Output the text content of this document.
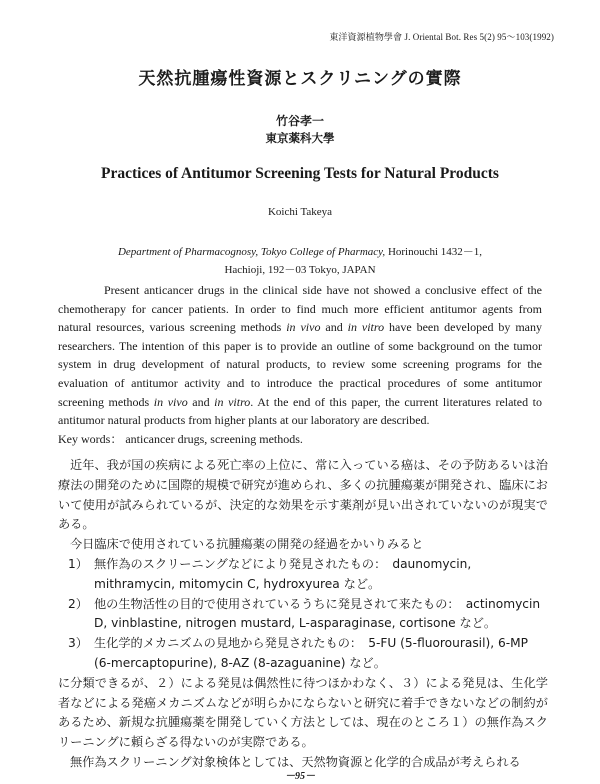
東洋資源植物學會 J. Oriental Bot. Res 5(2) 95～103(1992)
天然抗腫瘍性資源とスクリニングの實際
竹谷孝一
東京薬科大學
Practices of Antitumor Screening Tests for Natural Products
Koichi Takeya
Department of Pharmacognosy, Tokyo College of Pharmacy, Horinouchi 1432－1,
Hachioji, 192－03 Tokyo, JAPAN

Present anticancer drugs in the clinical side have not showed a conclusive effect of the chemotherapy for cancer patients. In order to find much more efficient antitumor agents from natural resources, various screening methods in vivo and in vitro have been developed by many researchers. The intention of this paper is to provide an outline of some background on the tumor system in drug development of natural products, to review some screening programs for the evaluation of antitumor activity and to introduce the practical procedures of some antitumor screening methods in vivo and in vitro. At the end of this paper, the current literatures related to antitumor natural products from higher plants at our laboratory are described.

Key words： anticancer drugs, screening methods.

近年、我が国の疾病による死亡率の上位に、常に入っている癌は、その予防あるいは治療法の開発のために国際的規模で研究が進められ、多くの抗腫瘍薬が開発され、臨床において使用が試みられているが、決定的な効果を示す薬剤が見い出されていないのが現実である。

今日臨床で使用されている抗腫瘍薬の開発の経過をかいりみると

1） 無作為のスクリーニングなどにより発見されたもの：　daunomycin, mithramycin, mitomycin C, hydroxyurea など。
2） 他の生物活性の目的で使用されているうちに発見されて来たもの：　actinomycin D, vinblastine, nitrogen mustard, L-asparaginase, cortisone など。
3） 生化学的メカニズムの見地から発見されたもの：　5-FU (5-fluorourasil), 6-MP (6-mercaptopurine), 8-AZ (8-azaguanine) など。

に分類できるが、２）による発見は偶然性に待つほかわなく、３）による発見は、生化学者などによる発癌メカニズムなどが明らかにならないと研究に着手できないなどの制約があるため、新規な抗腫瘍薬を開発していく方法としては、現在のところ１）の無作為スクリーニングに頼らざる得ないのが実際である。

無作為スクリーニング対象検体としては、天然物資源と化学的合成品が考えられる

－95－
